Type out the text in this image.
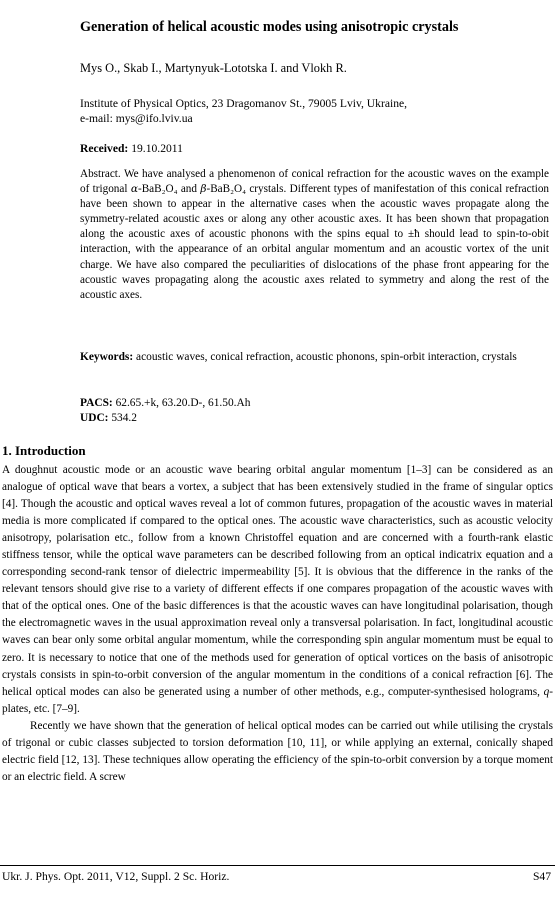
Generation of helical acoustic modes using anisotropic crystals
Mys O., Skab I., Martynyuk-Lototska I. and Vlokh R.
Institute of Physical Optics, 23 Dragomanov St., 79005 Lviv, Ukraine,
e-mail: mys@ifo.lviv.ua
Received: 19.10.2011
Abstract. We have analysed a phenomenon of conical refraction for the acoustic waves on the example of trigonal α-BaB₂O₄ and β-BaB₂O₄ crystals. Different types of manifestation of this conical refraction have been shown to appear in the alternative cases when the acoustic waves propagate along the symmetry-related acoustic axes or along any other acoustic axes. It has been shown that propagation along the acoustic axes of acoustic phonons with the spins equal to ±ħ should lead to spin-to-obit interaction, with the appearance of an orbital angular momentum and an acoustic vortex of the unit charge. We have also compared the peculiarities of dislocations of the phase front appearing for the acoustic waves propagating along the acoustic axes related to symmetry and along the rest of the acoustic axes.
Keywords: acoustic waves, conical refraction, acoustic phonons, spin-orbit interaction, crystals
PACS: 62.65.+k, 63.20.D-, 61.50.Ah
UDC: 534.2
1. Introduction

A doughnut acoustic mode or an acoustic wave bearing orbital angular momentum [1–3] can be considered as an analogue of optical wave that bears a vortex, a subject that has been extensively studied in the frame of singular optics [4]. Though the acoustic and optical waves reveal a lot of common futures, propagation of the acoustic waves in material media is more complicated if compared to the optical ones. The acoustic wave characteristics, such as acoustic velocity anisotropy, polarisation etc., follow from a known Christoffel equation and are concerned with a fourth-rank elastic stiffness tensor, while the optical wave parameters can be described following from an optical indicatrix equation and a corresponding second-rank tensor of dielectric impermeability [5]. It is obvious that the difference in the ranks of the relevant tensors should give rise to a variety of different effects if one compares propagation of the acoustic waves with that of the optical ones. One of the basic differences is that the acoustic waves can have longitudinal polarisation, though the electromagnetic waves in the usual approximation reveal only a transversal polarisation. In fact, longitudinal acoustic waves can bear only some orbital angular momentum, while the corresponding spin angular momentum must be equal to zero. It is necessary to notice that one of the methods used for generation of optical vortices on the basis of anisotropic crystals consists in spin-to-orbit conversion of the angular momentum in the conditions of a conical refraction [6]. The helical optical modes can also be generated using a number of other methods, e.g., computer-synthesised holograms, q-plates, etc. [7–9].

Recently we have shown that the generation of helical optical modes can be carried out while utilising the crystals of trigonal or cubic classes subjected to torsion deformation [10, 11], or while applying an external, conically shaped electric field [12, 13]. These techniques allow operating the efficiency of the spin-to-orbit conversion by a torque moment or an electric field. A screw

Ukr. J. Phys. Opt. 2011, V12, Suppl. 2 Sc. Horiz.	S47
